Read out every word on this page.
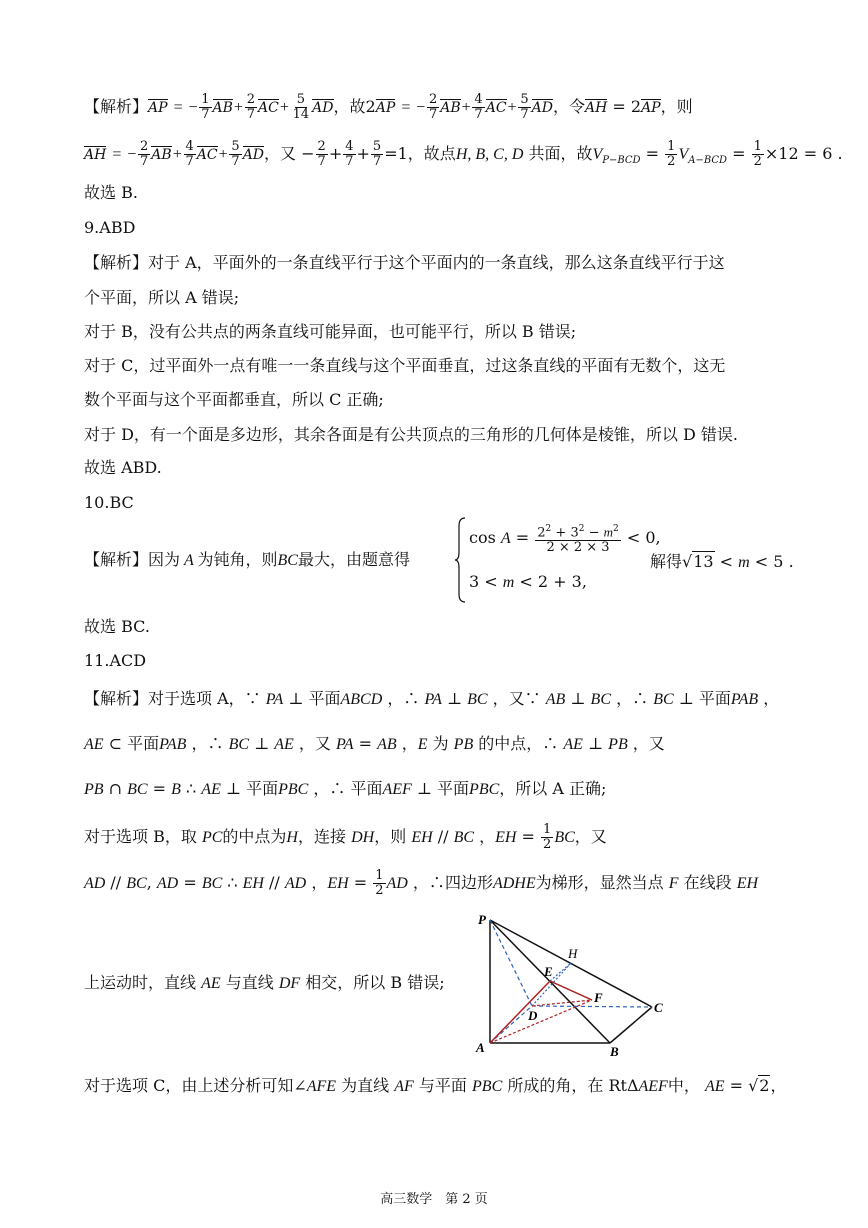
【解析】AP = − $\frac{1}{7} AB+ \frac{2}{7} AC+ \frac{5}{14}$ AD，故2AP = − $\frac{2}{7} AB+ \frac{4}{7} AC+ \frac{5}{7}$ AD，令AH = 2AP，则
AH = − $\frac{2}{7} AB+ \frac{4}{7} AC+ \frac{5}{7}$ AD，又 − $\frac{2}{7} + \frac{4}{7} + \frac{5}{7} =1$，故点H, B, C, D 共面，故$V_{P-BCD} = \frac{1}{2} V_{A-BCD} = \frac{1}{2} \times 12 = 6$ .
故选 B.
9.ABD
【解析】对于 A，平面外的一条直线平行于这个平面内的一条直线，那么这条直线平行于这
个平面，所以 A 错误;
对于 B，没有公共点的两条直线可能异面，也可能平行，所以 B 错误;
对于 C，过平面外一点有唯一一条直线与这个平面垂直，过这条直线的平面有无数个，这无
数个平面与这个平面都垂直，所以 C 正确;
对于 D，有一个面是多边形，其余各面是有公共顶点的三角形的几何体是棱锥，所以 D 错误.
故选 ABD.
10.BC
【解析】因为 A 为钝角，则BC最大，由题意得
$\cos A = \frac{2^2 + 3^2 - m^2}{2 \times 2 \times 3} < 0$,
3 < m < 2 + 3,
解得√13 < m < 5 .
故选 BC.
11.ACD
【解析】对于选项 A，∵ PA ⊥ 平面ABCD ，∴ PA ⊥ BC ，又∵ AB ⊥ BC ，∴ BC ⊥ 平面PAB ，
AE ⊂ 平面PAB ，∴ BC ⊥ AE ，又 PA = AB ，E 为 PB 的中点，∴ AE ⊥ PB ，又
PB ∩ BC = B ∴ AE ⊥ 平面PBC ，∴ 平面AEF ⊥ 平面PBC，所以 A 正确;
对于选项 B，取 PC的中点为H，连接 DH，则 EH // BC ，EH = $\frac{1}{2}$ BC，又
AD // BC, AD = BC ∴ EH // AD ，EH = $\frac{1}{2}$ AD ，∴四边形ADHE为梯形，显然当点 F 在线段 EH
上运动时，直线 AE 与直线 DF 相交，所以 B 错误;
P
H
E
F
C
D
A	B
对于选项 C，由上述分析可知∠AFE 为直线 AF 与平面 PBC 所成的角，在 RtΔAEF中， AE = √2，
高三数学　第 2 页
